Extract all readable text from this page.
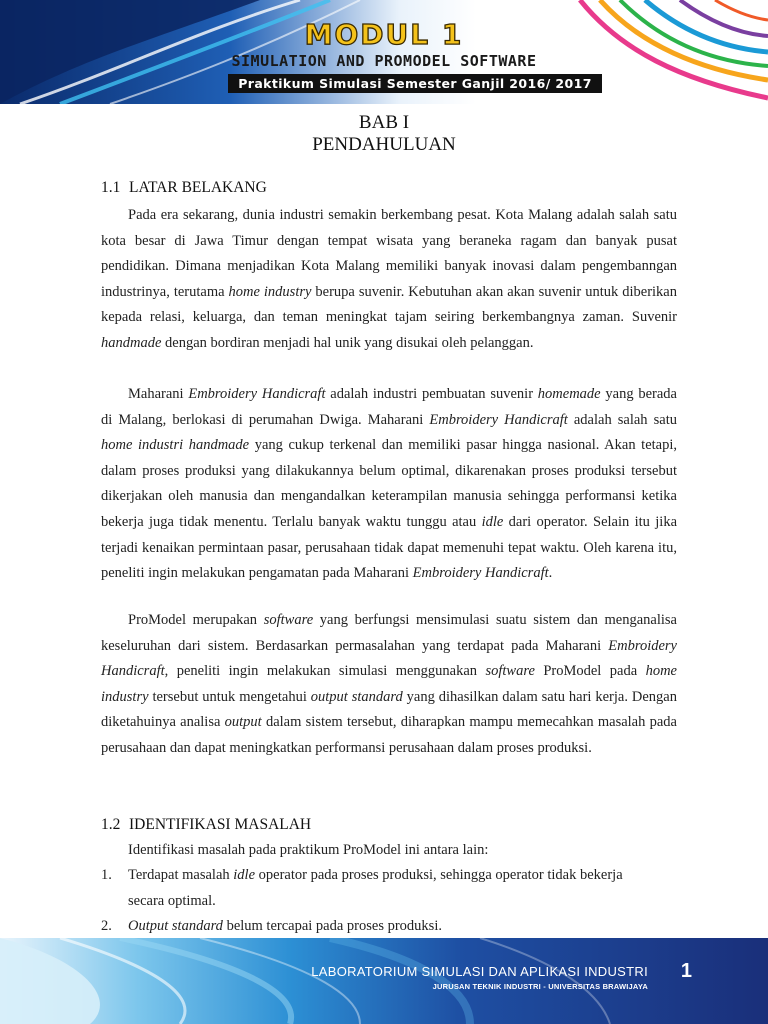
MODUL 1
SIMULATION AND PROMODEL SOFTWARE
Praktikum Simulasi Semester Ganjil 2016/ 2017
BAB I
PENDAHULUAN
1.1 LATAR BELAKANG

Pada era sekarang, dunia industri semakin berkembang pesat. Kota Malang adalah salah satu kota besar di Jawa Timur dengan tempat wisata yang beraneka ragam dan banyak pusat pendidikan. Dimana menjadikan Kota Malang memiliki banyak inovasi dalam pengembanngan industrinya, terutama home industry berupa suvenir. Kebutuhan akan akan suvenir untuk diberikan kepada relasi, keluarga, dan teman meningkat tajam seiring berkembangnya zaman. Suvenir handmade dengan bordiran menjadi hal unik yang disukai oleh pelanggan.

Maharani Embroidery Handicraft adalah industri pembuatan suvenir homemade yang berada di Malang, berlokasi di perumahan Dwiga. Maharani Embroidery Handicraft adalah salah satu home industri handmade yang cukup terkenal dan memiliki pasar hingga nasional. Akan tetapi, dalam proses produksi yang dilakukannya belum optimal, dikarenakan proses produksi tersebut dikerjakan oleh manusia dan mengandalkan keterampilan manusia sehingga performansi ketika bekerja juga tidak menentu. Terlalu banyak waktu tunggu atau idle dari operator. Selain itu jika terjadi kenaikan permintaan pasar, perusahaan tidak dapat memenuhi tepat waktu. Oleh karena itu, peneliti ingin melakukan pengamatan pada Maharani Embroidery Handicraft.

ProModel merupakan software yang berfungsi mensimulasi suatu sistem dan menganalisa keseluruhan dari sistem. Berdasarkan permasalahan yang terdapat pada Maharani Embroidery Handicraft, peneliti ingin melakukan simulasi menggunakan software ProModel pada home industry tersebut untuk mengetahui output standard yang dihasilkan dalam satu hari kerja. Dengan diketahuinya analisa output dalam sistem tersebut, diharapkan mampu memecahkan masalah pada perusahaan dan dapat meningkatkan performansi perusahaan dalam proses produksi.

1.2 IDENTIFIKASI MASALAH

Identifikasi masalah pada praktikum ProModel ini antara lain:

1. Terdapat masalah idle operator pada proses produksi, sehingga operator tidak bekerja secara optimal.
2. Output standard belum tercapai pada proses produksi.
LABORATORIUM SIMULASI DAN APLIKASI INDUSTRI
JURUSAN TEKNIK INDUSTRI - UNIVERSITAS BRAWIJAYA
1
